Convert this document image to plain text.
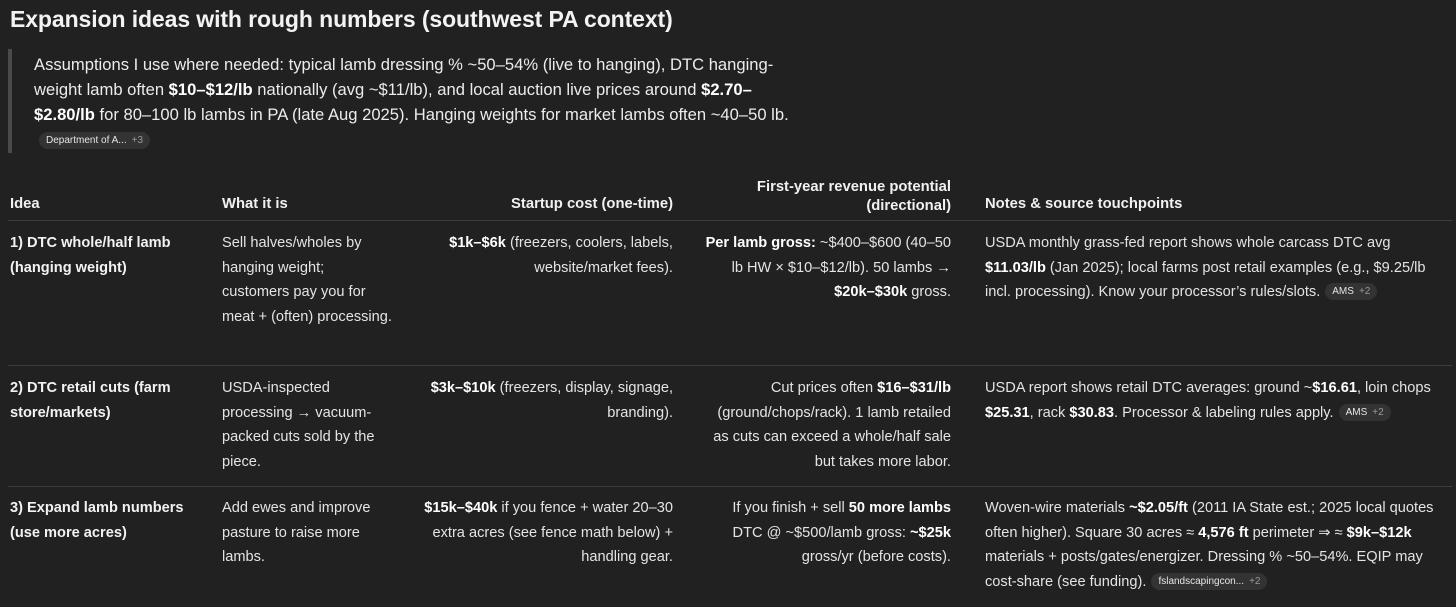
Expansion ideas with rough numbers (southwest PA context)
Assumptions I use where needed: typical lamb dressing % ~50–54% (live to hanging), DTC hanging-weight lamb often $10–$12/lb nationally (avg ~$11/lb), and local auction live prices around $2.70–$2.80/lb for 80–100 lb lambs in PA (late Aug 2025). Hanging weights for market lambs often ~40–50 lb.Department of A... +3
Idea	What it is	Startup cost (one-time)
First-year revenue potential
(directional) Notes & source touchpoints
1) DTC whole/half lamb (hanging weight)
Sell halves/wholes by hanging weight; customers pay you for meat + (often) processing.
$1k–$6k (freezers, coolers, labels, website/market fees).
Per lamb gross: ~$400–$600 (40–50 lb HW × $10–$12/lb). 50 lambs → $20k–$30k gross.
USDA monthly grass-fed report shows whole carcass DTC avg $11.03/lb (Jan 2025); local farms post retail examples (e.g., $9.25/lb incl. processing). Know your processor’s rules/slots. AMS +2
2) DTC retail cuts (farm store/markets)
USDA-inspected processing → vacuum-packed cuts sold by the piece.
$3k–$10k (freezers, display, signage, branding).
Cut prices often $16–$31/lb (ground/chops/rack). 1 lamb retailed as cuts can exceed a whole/half sale but takes more labor.
USDA report shows retail DTC averages: ground ~$16.61, loin chops $25.31, rack $30.83. Processor & labeling rules apply. AMS +2
3) Expand lamb numbers (use more acres)
Add ewes and improve pasture to raise more lambs.
$15k–$40k if you fence + water 20–30 extra acres (see fence math below) + handling gear.
If you finish + sell 50 more lambs DTC @ ~$500/lamb gross: ~$25k gross/yr (before costs).
Woven-wire materials ~$2.05/ft (2011 IA State est.; 2025 local quotes often higher). Square 30 acres ≈ 4,576 ft perimeter ⇒ ≈ $9k–$12k materials + posts/gates/energizer. Dressing % ~50–54%. EQIP may cost-share (see funding). fslandscapingcon... +2
